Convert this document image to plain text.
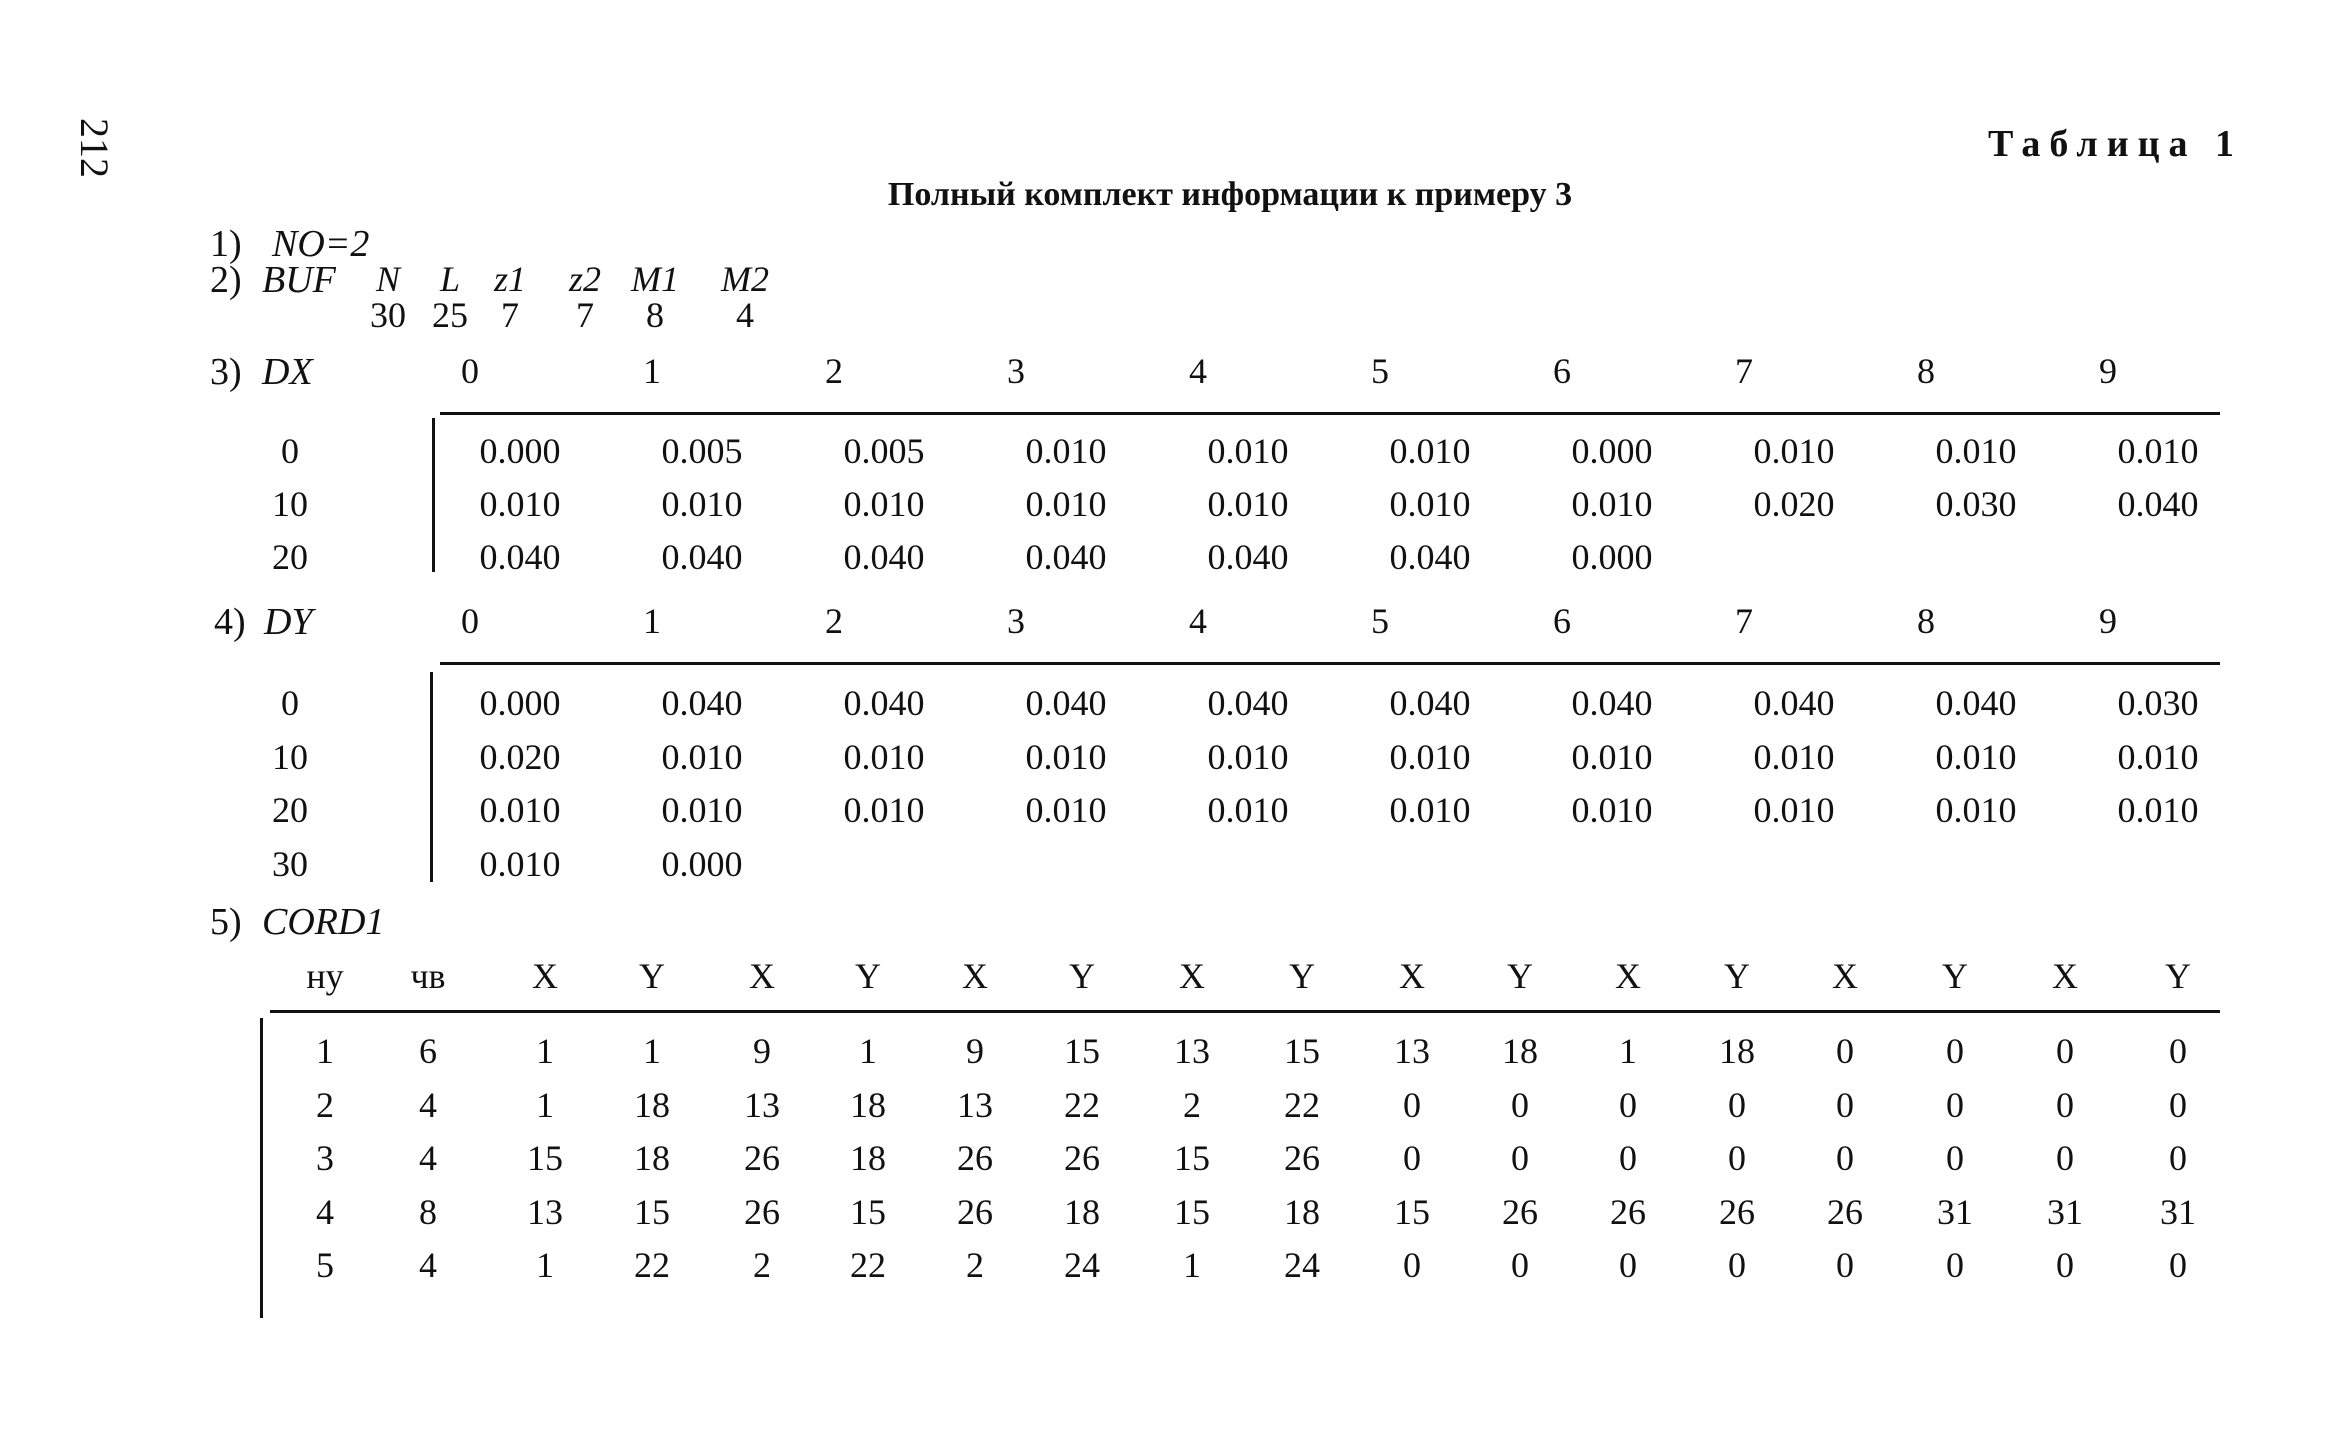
212	Таблица 1
Полный комплект информации к примеру 3
1) NO=2
2) BUF N L z1 z2 M1 M2
30 25 7 7 8 4
3) DX	0	1	2	3	4	5	6	7	8	9
0	0.000	0.005	0.005	0.010	0.010	0.010	0.000	0.010	0.010	0.010
10	0.010	0.010	0.010	0.010	0.010	0.010	0.010	0.020	0.030	0.040
20	0.040	0.040	0.040	0.040	0.040	0.040	0.000
4) DY	0	1	2	3	4	5	6	7	8	9
0	0.000	0.040	0.040	0.040	0.040	0.040	0.040	0.040	0.040	0.030
10	0.020	0.010	0.010	0.010	0.010	0.010	0.010	0.010	0.010	0.010
20	0.010	0.010	0.010	0.010	0.010	0.010	0.010	0.010	0.010	0.010
30	0.010	0.000
5) CORD1
ну чв X Y X Y X Y X Y X Y X Y X Y X Y
1 6	1 1	9 1 9 15 13 15 13 18 1 18 0	0	0	0
2 4	1 18 13 18 13 22 2 22 0	0	0	0	0	0	0	0
3 4	15 18 26 18 26 26 15 26 0	0	0	0	0	0	0	0
4 8	13 15 26 15 26 18 15 18 15 26 26 26 26 31 31 31
5 4	1 22 2 22 2 24 1 24 0	0	0	0	0	0	0	0
